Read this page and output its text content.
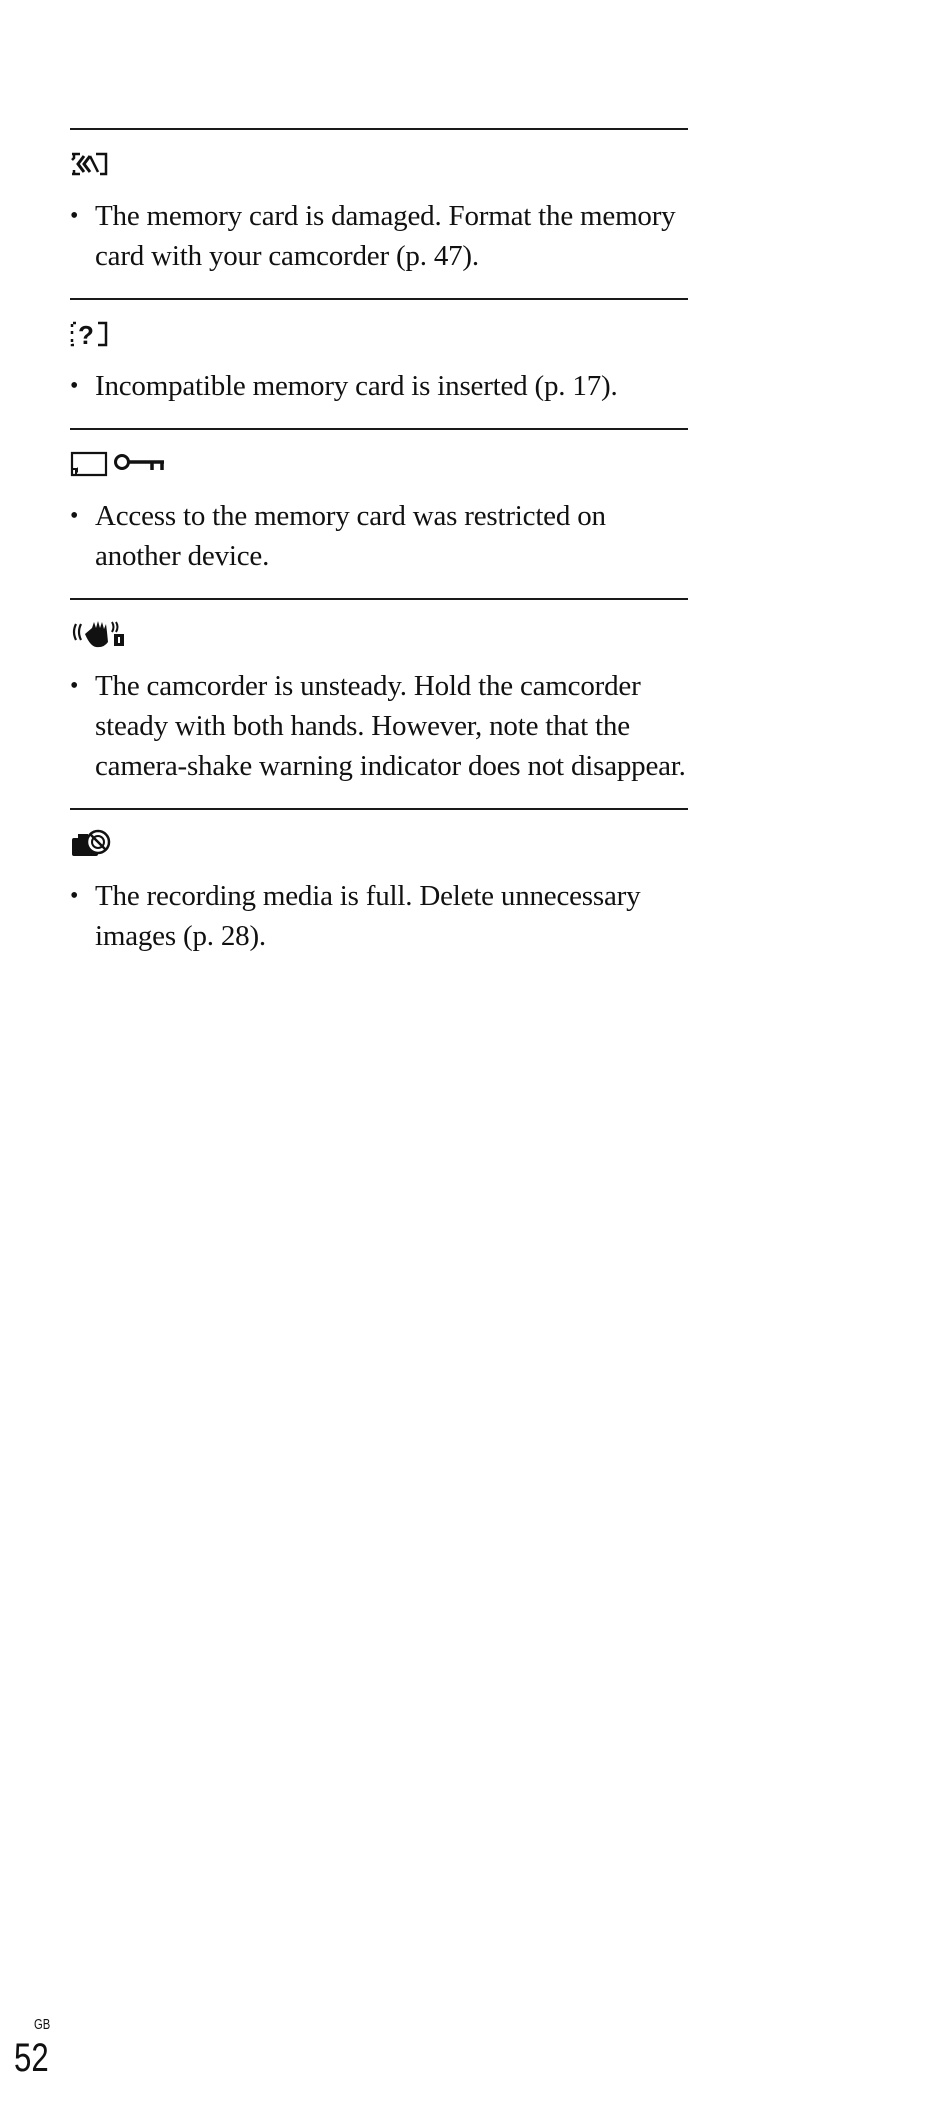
• The memory card is damaged. Format the memory card with your camcorder (p. 47).
?
• Incompatible memory card is inserted (p. 17).
• Access to the memory card was restricted on another device.
• The camcorder is unsteady. Hold the camcorder steady with both hands. However, note that the camera-shake warning indicator does not disappear.
• The recording media is full. Delete unnecessary images (p. 28).
GB
52
